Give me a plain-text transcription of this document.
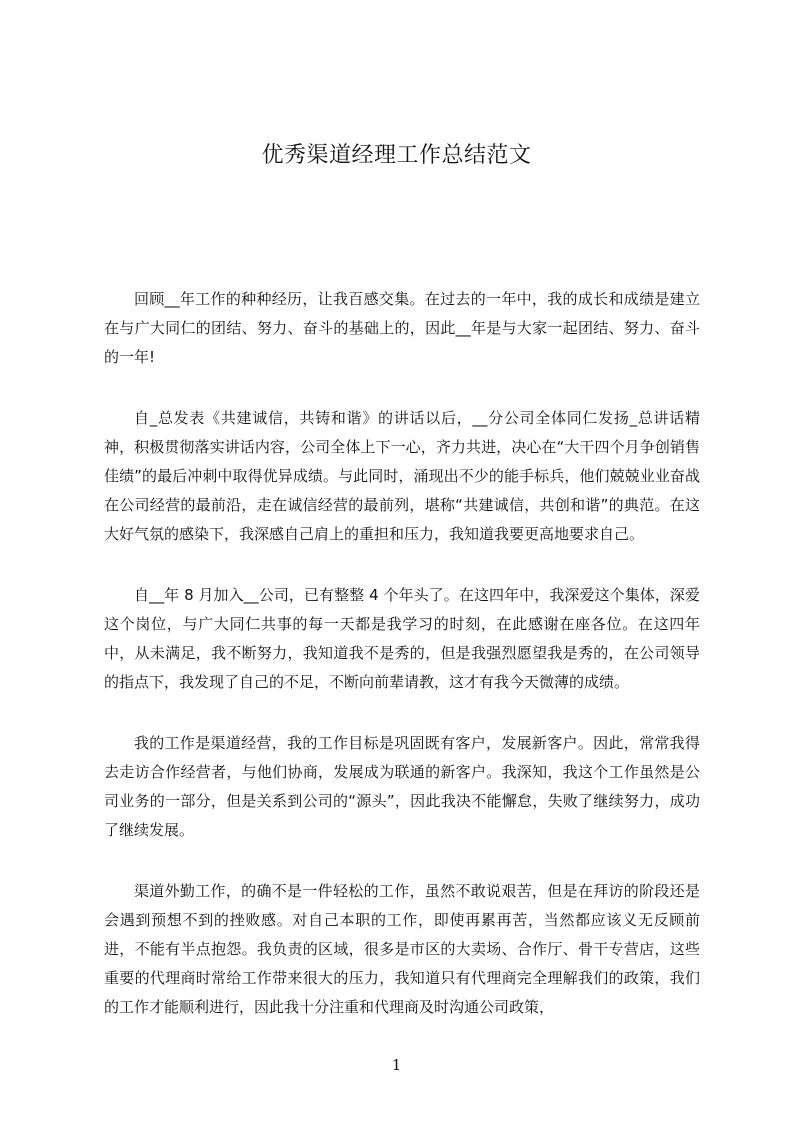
优秀渠道经理工作总结范文

回顾__年工作的种种经历，让我百感交集。在过去的一年中，我的成长和成绩是建立在与广大同仁的团结、努力、奋斗的基础上的，因此__年是与大家一起团结、努力、奋斗的一年!

自_总发表《共建诚信，共铸和谐》的讲话以后，__分公司全体同仁发扬_总讲话精神，积极贯彻落实讲话内容，公司全体上下一心，齐力共进，决心在“大干四个月争创销售佳绩”的最后冲刺中取得优异成绩。与此同时，涌现出不少的能手标兵，他们兢兢业业奋战在公司经营的最前沿，走在诚信经营的最前列，堪称“共建诚信，共创和谐”的典范。在这大好气氛的感染下，我深感自己肩上的重担和压力，我知道我要更高地要求自己。

自__年 8 月加入__公司，已有整整 4 个年头了。在这四年中，我深爱这个集体，深爱这个岗位，与广大同仁共事的每一天都是我学习的时刻，在此感谢在座各位。在这四年中，从未满足，我不断努力，我知道我不是秀的，但是我强烈愿望我是秀的，在公司领导的指点下，我发现了自己的不足，不断向前辈请教，这才有我今天微薄的成绩。

我的工作是渠道经营，我的工作目标是巩固既有客户，发展新客户。因此，常常我得去走访合作经营者，与他们协商，发展成为联通的新客户。我深知，我这个工作虽然是公司业务的一部分，但是关系到公司的“源头”，因此我决不能懈怠，失败了继续努力，成功了继续发展。

渠道外勤工作，的确不是一件轻松的工作，虽然不敢说艰苦，但是在拜访的阶段还是会遇到预想不到的挫败感。对自己本职的工作，即使再累再苦，当然都应该义无反顾前进，不能有半点抱怨。我负责的区域，很多是市区的大卖场、合作厅、骨干专营店，这些重要的代理商时常给工作带来很大的压力，我知道只有代理商完全理解我们的政策，我们的工作才能顺利进行，因此我十分注重和代理商及时沟通公司政策，

1
